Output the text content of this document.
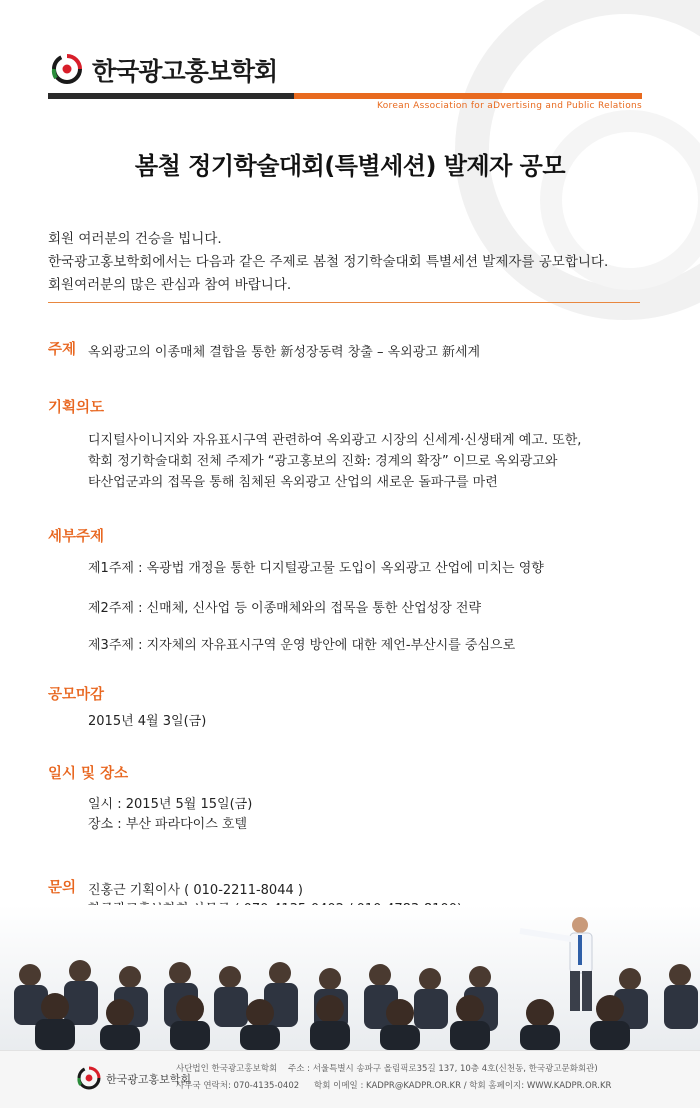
한국광고홍보학회
Korean Association for aDvertising and Public Relations
봄철 정기학술대회(특별세션) 발제자 공모
회원 여러분의 건승을 빕니다.
한국광고홍보학회에서는 다음과 같은 주제로 봄철 정기학술대회 특별세션 발제자를 공모합니다.
회원여러분의 많은 관심과 참여 바랍니다.
주제 옥외광고의 이종매체 결합을 통한 新성장동력 창출 – 옥외광고 新세계
기획의도
디지털사이니지와 자유표시구역 관련하여 옥외광고 시장의 신세계·신생태계 예고. 또한,
학회 정기학술대회 전체 주제가 “광고홍보의 진화: 경계의 확장” 이므로 옥외광고와
타산업군과의 접목을 통해 침체된 옥외광고 산업의 새로운 돌파구를 마련
세부주제
제1주제 : 옥광법 개정을 통한 디지털광고물 도입이 옥외광고 산업에 미치는 영향
제2주제 : 신매체, 신사업 등 이종매체와의 접목을 통한 산업성장 전략
제3주제 : 지자체의 자유표시구역 운영 방안에 대한 제언-부산시를 중심으로
공모마감
2015년 4월 3일(금)
일시 및 장소
일시 : 2015년 5월 15일(금)
장소 : 부산 파라다이스 호텔
문의 진홍근 기획이사 ( 010-2211-8044 )
한국광고홍보학회
사단법인 한국광고홍보학회 주소 : 서울특별시 송파구 올림픽로35길 137, 10층 4호(신천동, 한국광고문화회관)
사무국 연락처: 070-4135-0402 학회 이메일 : KADPR@KADPR.OR.KR / 학회 홈페이지: WWW.KADPR.OR.KR
